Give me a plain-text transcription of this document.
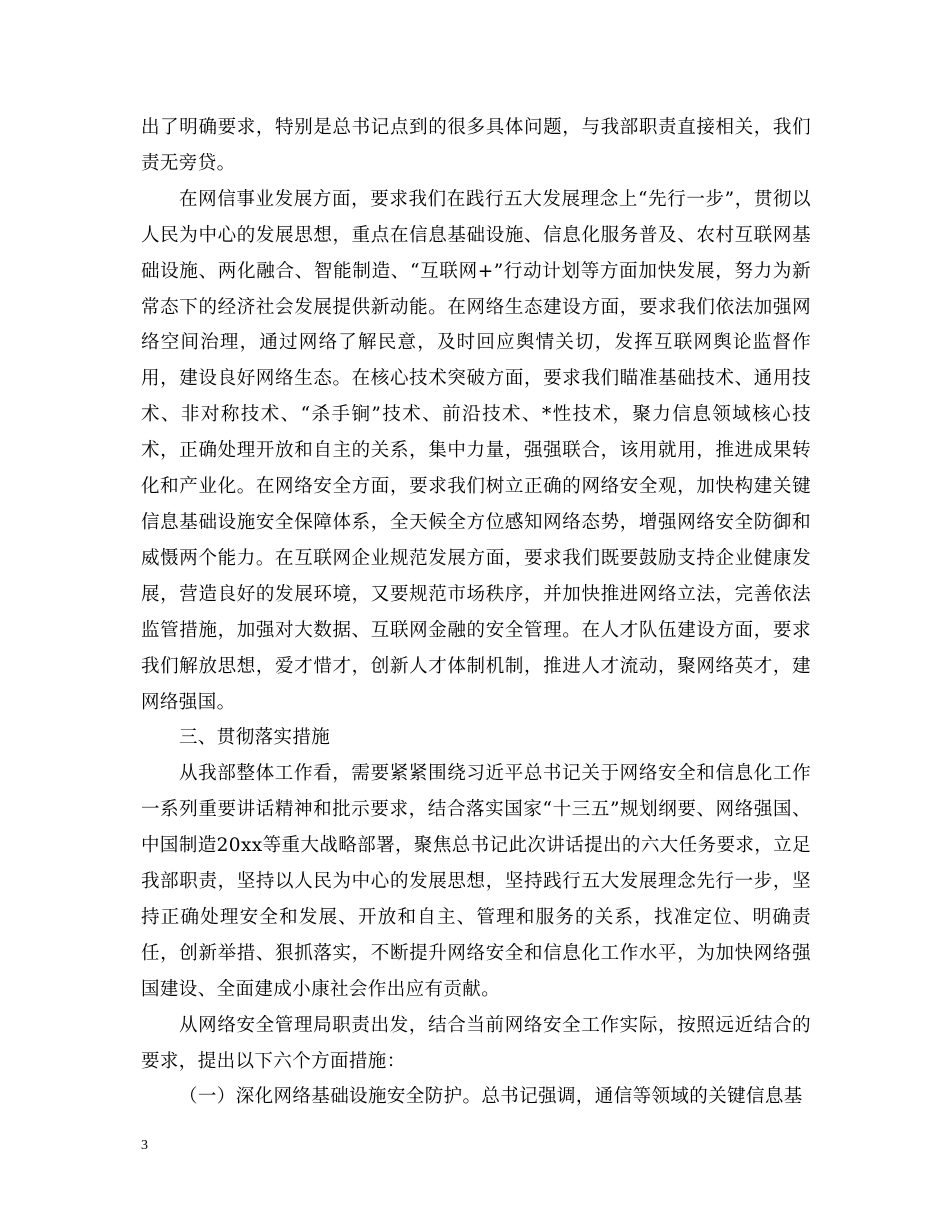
出了明确要求，特别是总书记点到的很多具体问题，与我部职责直接相关，我们责无旁贷。

在网信事业发展方面，要求我们在践行五大发展理念上“先行一步”，贯彻以人民为中心的发展思想，重点在信息基础设施、信息化服务普及、农村互联网基础设施、两化融合、智能制造、“互联网+”行动计划等方面加快发展，努力为新常态下的经济社会发展提供新动能。在网络生态建设方面，要求我们依法加强网络空间治理，通过网络了解民意，及时回应舆情关切，发挥互联网舆论监督作用，建设良好网络生态。在核心技术突破方面，要求我们瞄准基础技术、通用技术、非对称技术、“杀手锏”技术、前沿技术、*性技术，聚力信息领域核心技术，正确处理开放和自主的关系，集中力量，强强联合，该用就用，推进成果转化和产业化。在网络安全方面，要求我们树立正确的网络安全观，加快构建关键信息基础设施安全保障体系，全天候全方位感知网络态势，增强网络安全防御和威慑两个能力。在互联网企业规范发展方面，要求我们既要鼓励支持企业健康发展，营造良好的发展环境，又要规范市场秩序，并加快推进网络立法，完善依法监管措施，加强对大数据、互联网金融的安全管理。在人才队伍建设方面，要求我们解放思想，爱才惜才，创新人才体制机制，推进人才流动，聚网络英才，建网络强国。

三、贯彻落实措施

从我部整体工作看，需要紧紧围绕习近平总书记关于网络安全和信息化工作一系列重要讲话精神和批示要求，结合落实国家“十三五”规划纲要、网络强国、中国制造20xx等重大战略部署，聚焦总书记此次讲话提出的六大任务要求，立足我部职责，坚持以人民为中心的发展思想，坚持践行五大发展理念先行一步，坚持正确处理安全和发展、开放和自主、管理和服务的关系，找准定位、明确责任，创新举措、狠抓落实，不断提升网络安全和信息化工作水平，为加快网络强国建设、全面建成小康社会作出应有贡献。

从网络安全管理局职责出发，结合当前网络安全工作实际，按照远近结合的要求，提出以下六个方面措施：

（一）深化网络基础设施安全防护。总书记强调，通信等领域的关键信息基

3
